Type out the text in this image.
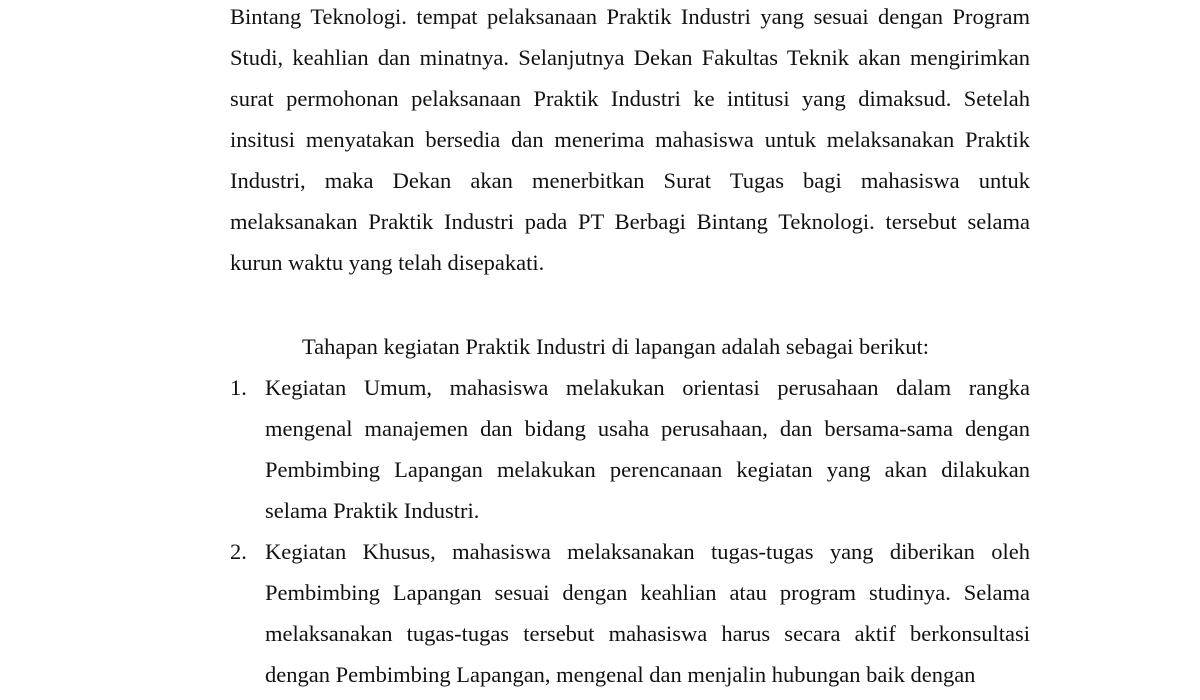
Bintang Teknologi. tempat pelaksanaan Praktik Industri yang sesuai dengan Program Studi, keahlian dan minatnya. Selanjutnya Dekan Fakultas Teknik akan mengirimkan surat permohonan pelaksanaan Praktik Industri ke intitusi yang dimaksud. Setelah insitusi menyatakan bersedia dan menerima mahasiswa untuk melaksanakan Praktik Industri, maka Dekan akan menerbitkan Surat Tugas bagi mahasiswa untuk melaksanakan Praktik Industri pada PT Berbagi Bintang Teknologi. tersebut selama kurun waktu yang telah disepakati.

Tahapan kegiatan Praktik Industri di lapangan adalah sebagai berikut:

1. Kegiatan Umum, mahasiswa melakukan orientasi perusahaan dalam rangka mengenal manajemen dan bidang usaha perusahaan, dan bersama-sama dengan Pembimbing Lapangan melakukan perencanaan kegiatan yang akan dilakukan selama Praktik Industri.
2. Kegiatan Khusus, mahasiswa melaksanakan tugas-tugas yang diberikan oleh Pembimbing Lapangan sesuai dengan keahlian atau program studinya. Selama melaksanakan tugas-tugas tersebut mahasiswa harus secara aktif berkonsultasi dengan Pembimbing Lapangan, mengenal dan menjalin hubungan baik dengan
